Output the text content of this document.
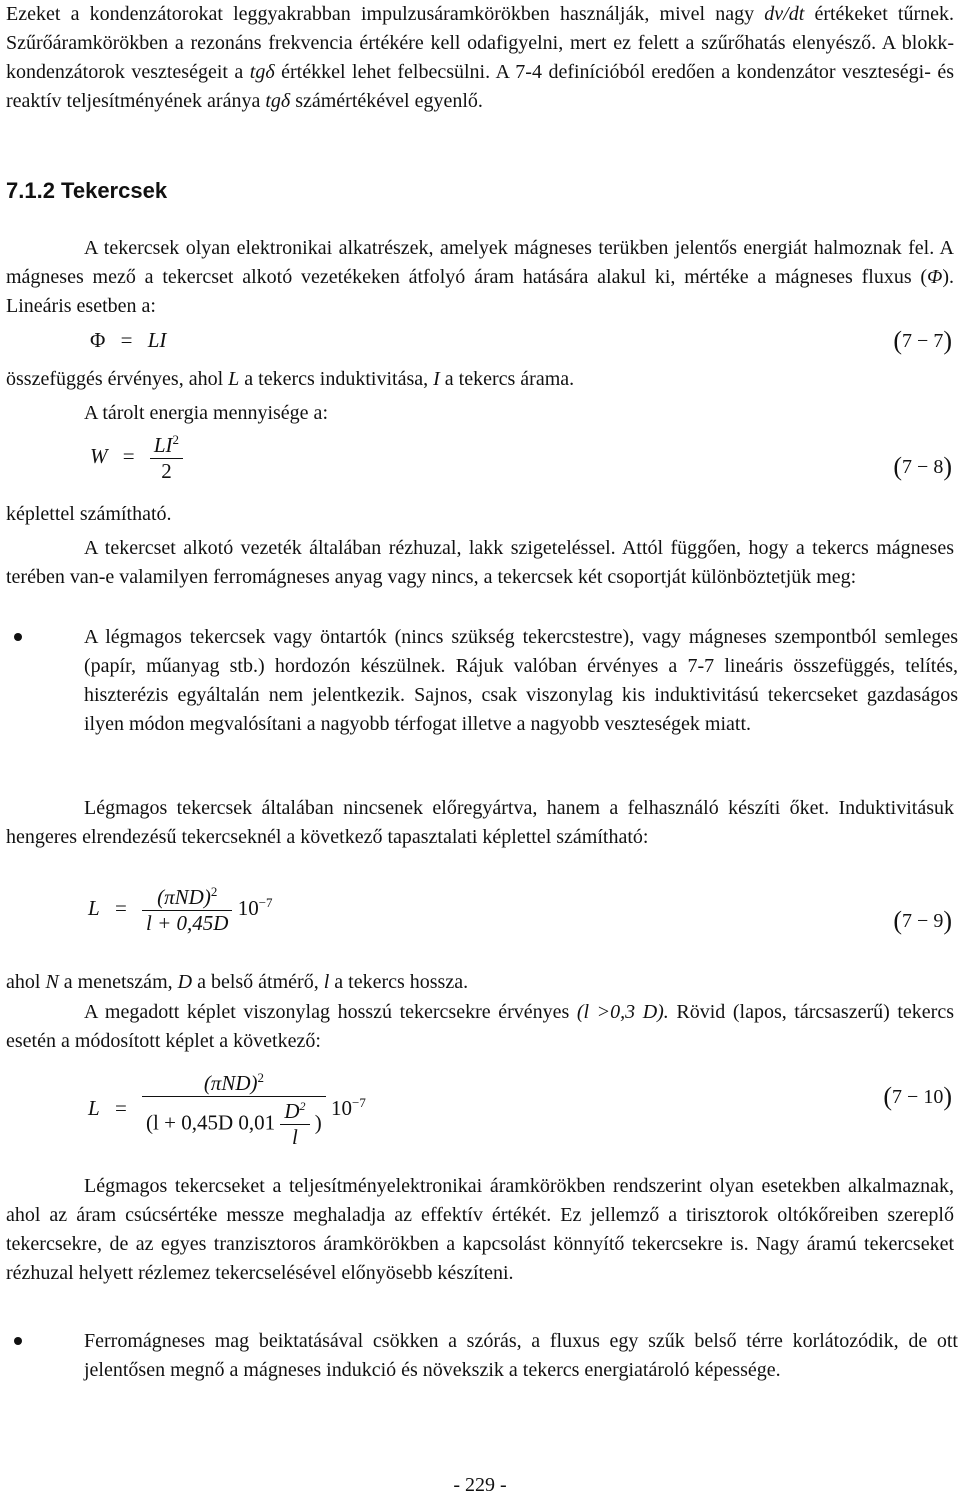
Ezeket a kondenzátorokat leggyakrabban impulzusáramkörökben használják, mivel nagy dv/dt értékeket tűrnek. Szűrőáramkörökben a rezonáns frekvencia értékére kell odafigyelni, mert ez felett a szűrőhatás elenyésző. A blokk-kondenzátorok veszteségeit a tgδ értékkel lehet felbecsülni. A 7-4 definícióból eredően a kondenzátor veszteségi- és reaktív teljesítményének aránya tgδ számértékével egyenlő.
7.1.2 Tekercsek
A tekercsek olyan elektronikai alkatrészek, amelyek mágneses terükben jelentős energiát halmoznak fel. A mágneses mező a tekercset alkotó vezetékeken átfolyó áram hatására alakul ki, mértéke a mágneses fluxus (Φ). Lineáris esetben a:
Φ = LI	(7 − 7)
összefüggés érvényes, ahol L a tekercs induktivitása, I a tekercs árama.
A tárolt energia mennyisége a:
$W = \frac{LI^2}{2}$	(7 − 8)
képlettel számítható.
A tekercset alkotó vezeték általában rézhuzal, lakk szigeteléssel. Attól függően, hogy a tekercs mágneses terében van-e valamilyen ferromágneses anyag vagy nincs, a tekercsek két csoportját különböztetjük meg:
A légmagos tekercsek vagy öntartók (nincs szükség tekercstestre), vagy mágneses szempontból semleges (papír, műanyag stb.) hordozón készülnek. Rájuk valóban érvényes a 7-7 lineáris összefüggés, telítés, hiszterézis egyáltalán nem jelentkezik. Sajnos, csak viszonylag kis induktivitású tekercseket gazdaságos ilyen módon megvalósítani a nagyobb térfogat illetve a nagyobb veszteségek miatt.
Légmagos tekercsek általában nincsenek előregyártva, hanem a felhasználó készíti őket. Induktivitásuk hengeres elrendezésű tekercseknél a következő tapasztalati képlettel számítható:
$L = \frac{(\pi ND)^2}{l + 0,45D} 10^{-7}$
(7 − 9)
ahol N a menetszám, D a belső átmérő, l a tekercs hossza.
A megadott képlet viszonylag hosszú tekercsekre érvényes (l >0,3 D). Rövid (lapos, tárcsaszerű) tekercs esetén a módosított képlet a következő:
$L = \frac{(\pi ND)^2}{(l + 0,45D 0,01 \frac{D^2}{l} )} 10^{-7}$	(7 − 10)
Légmagos tekercseket a teljesítményelektronikai áramkörökben rendszerint olyan esetekben alkalmaznak, ahol az áram csúcsértéke messze meghaladja az effektív értékét. Ez jellemző a tirisztorok oltókőreiben szereplő tekercsekre, de az egyes tranzisztoros áramkörökben a kapcsolást könnyítő tekercsekre is. Nagy áramú tekercseket rézhuzal helyett rézlemez tekercselésével előnyösebb készíteni.
Ferromágneses mag beiktatásával csökken a szórás, a fluxus egy szűk belső térre korlátozódik, de ott jelentősen megnő a mágneses indukció és növekszik a tekercs energiatároló képessége.
- 229 -
